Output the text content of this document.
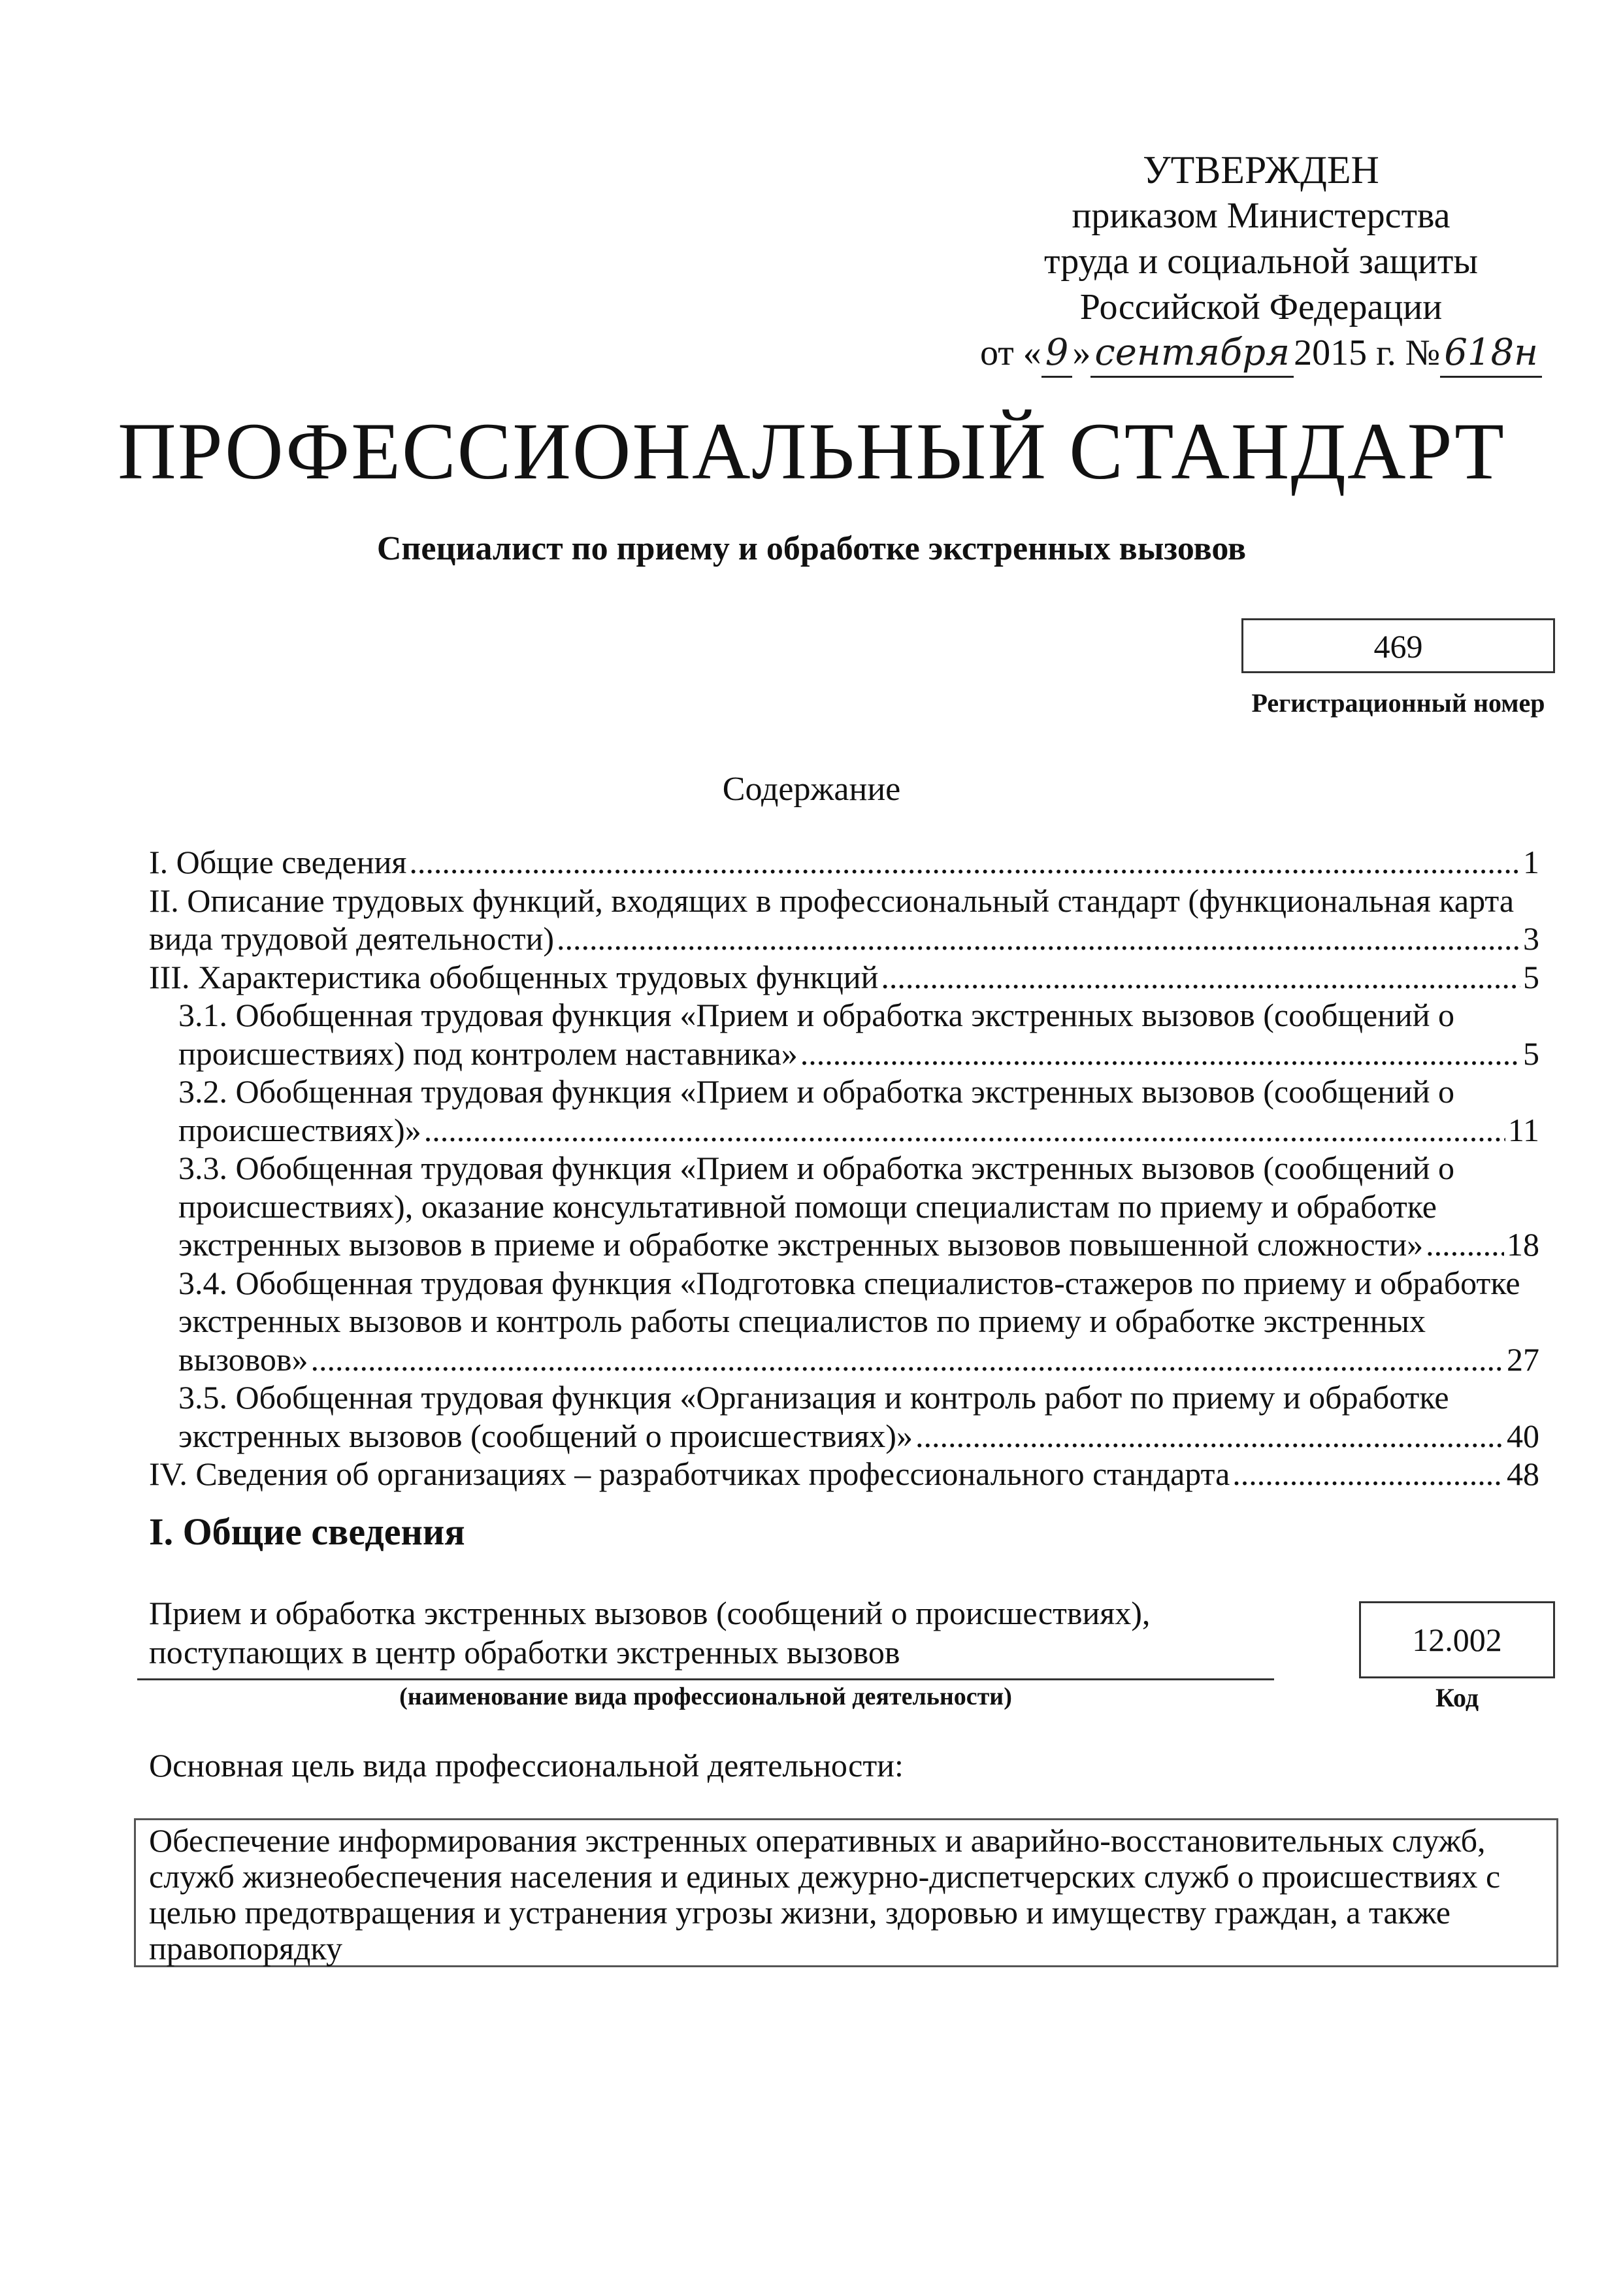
УТВЕРЖДЕН
приказом Министерства
труда и социальной защиты
Российской Федерации
от « 9 » сентября 2015 г. № 618н
ПРОФЕССИОНАЛЬНЫЙ СТАНДАРТ
Специалист по приему и обработке экстренных вызовов
469
Регистрационный номер
Содержание
I. Общие сведения .....	1
II. Описание трудовых функций, входящих в профессиональный стандарт (функциональная карта
вида трудовой деятельности) .....	3
III. Характеристика обобщенных трудовых функций .....	5
3.1. Обобщенная трудовая функция «Прием и обработка экстренных вызовов (сообщений о
происшествиях) под контролем наставника» .....	5
3.2. Обобщенная трудовая функция «Прием и обработка экстренных вызовов (сообщений о
происшествиях)» .....	11
3.3. Обобщенная трудовая функция «Прием и обработка экстренных вызовов (сообщений о
происшествиях), оказание консультативной помощи специалистам по приему и обработке
экстренных вызовов в приеме и обработке экстренных вызовов повышенной сложности» .....	18
3.4. Обобщенная трудовая функция «Подготовка специалистов-стажеров по приему и обработке
экстренных вызовов и контроль работы специалистов по приему и обработке экстренных
вызовов» .....	27
3.5. Обобщенная трудовая функция «Организация и контроль работ по приему и обработке
экстренных вызовов (сообщений о происшествиях)» .....	40
IV. Сведения об организациях – разработчиках профессионального стандарта .....	48
I. Общие сведения
Прием и обработка экстренных вызовов (сообщений о происшествиях),
поступающих в центр обработки экстренных вызовов
(наименование вида профессиональной деятельности)
12.002
Код
Основная цель вида профессиональной деятельности:
Обеспечение информирования экстренных оперативных и аварийно-восстановительных служб,
служб жизнеобеспечения населения и единых дежурно-диспетчерских служб о происшествиях с
целью предотвращения и устранения угрозы жизни, здоровью и имуществу граждан, а также
правопорядку
